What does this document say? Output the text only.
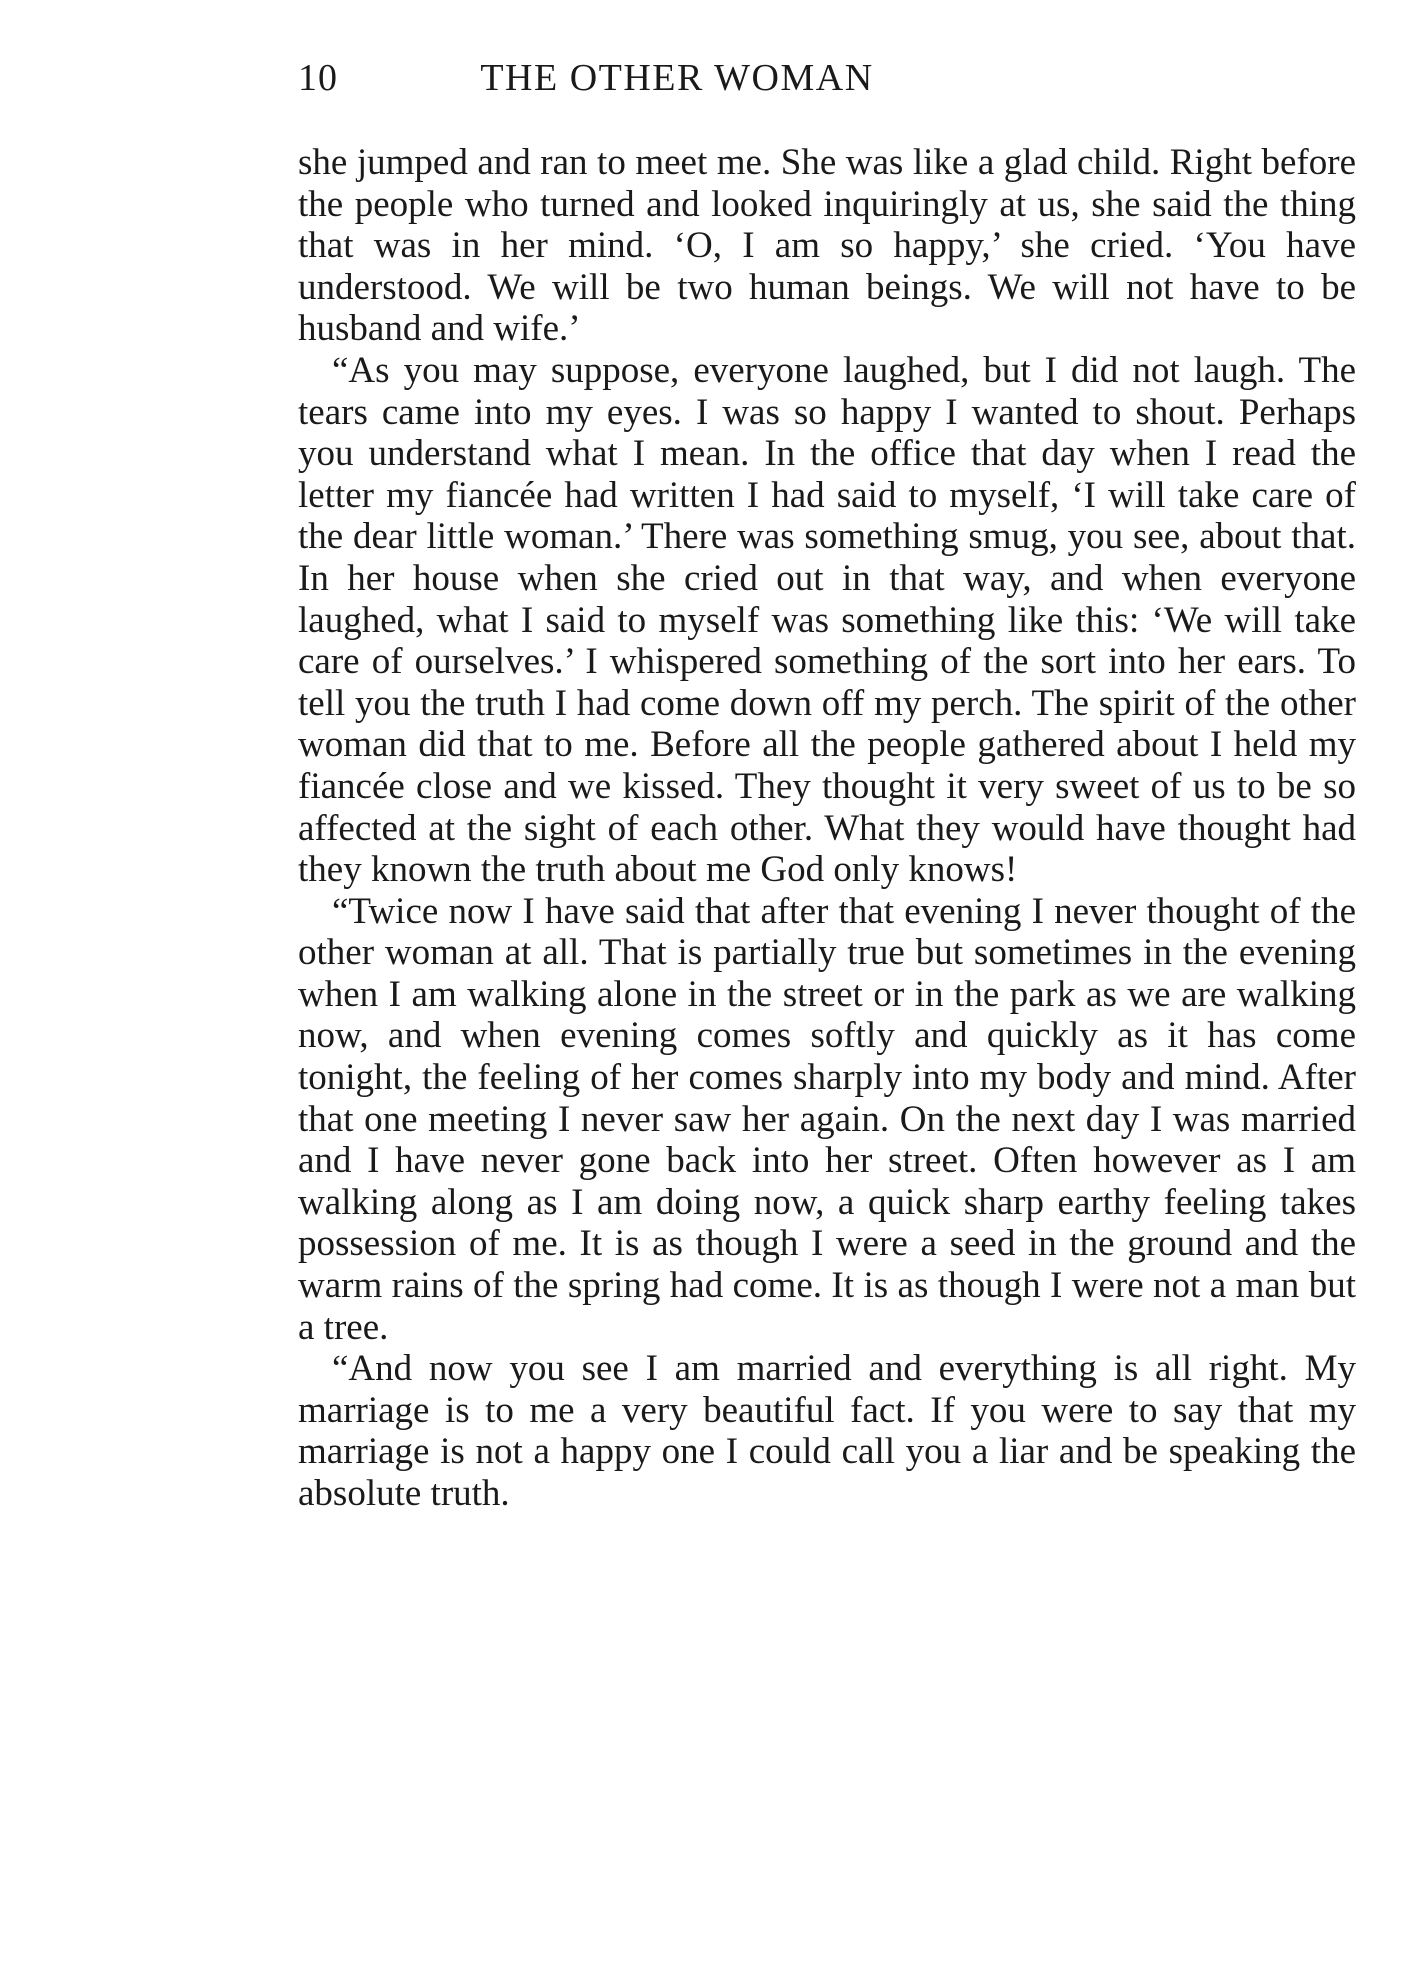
10	THE OTHER WOMAN

she jumped and ran to meet me. She was like a glad child. Right before the people who turned and looked inquiringly at us, she said the thing that was in her mind. ‘O, I am so happy,’ she cried. ‘You have understood. We will be two human beings. We will not have to be husband and wife.’

“As you may suppose, everyone laughed, but I did not laugh. The tears came into my eyes. I was so happy I wanted to shout. Perhaps you understand what I mean. In the office that day when I read the letter my fiancée had written I had said to myself, ‘I will take care of the dear little woman.’ There was something smug, you see, about that. In her house when she cried out in that way, and when everyone laughed, what I said to myself was something like this: ‘We will take care of ourselves.’ I whispered something of the sort into her ears. To tell you the truth I had come down off my perch. The spirit of the other woman did that to me. Before all the people gathered about I held my fiancée close and we kissed. They thought it very sweet of us to be so affected at the sight of each other. What they would have thought had they known the truth about me God only knows!

“Twice now I have said that after that evening I never thought of the other woman at all. That is partially true but sometimes in the evening when I am walking alone in the street or in the park as we are walking now, and when evening comes softly and quickly as it has come tonight, the feeling of her comes sharply into my body and mind. After that one meeting I never saw her again. On the next day I was married and I have never gone back into her street. Often however as I am walking along as I am doing now, a quick sharp earthy feeling takes possession of me. It is as though I were a seed in the ground and the warm rains of the spring had come. It is as though I were not a man but a tree.

“And now you see I am married and everything is all right. My marriage is to me a very beautiful fact. If you were to say that my marriage is not a happy one I could call you a liar and be speaking the absolute truth.
